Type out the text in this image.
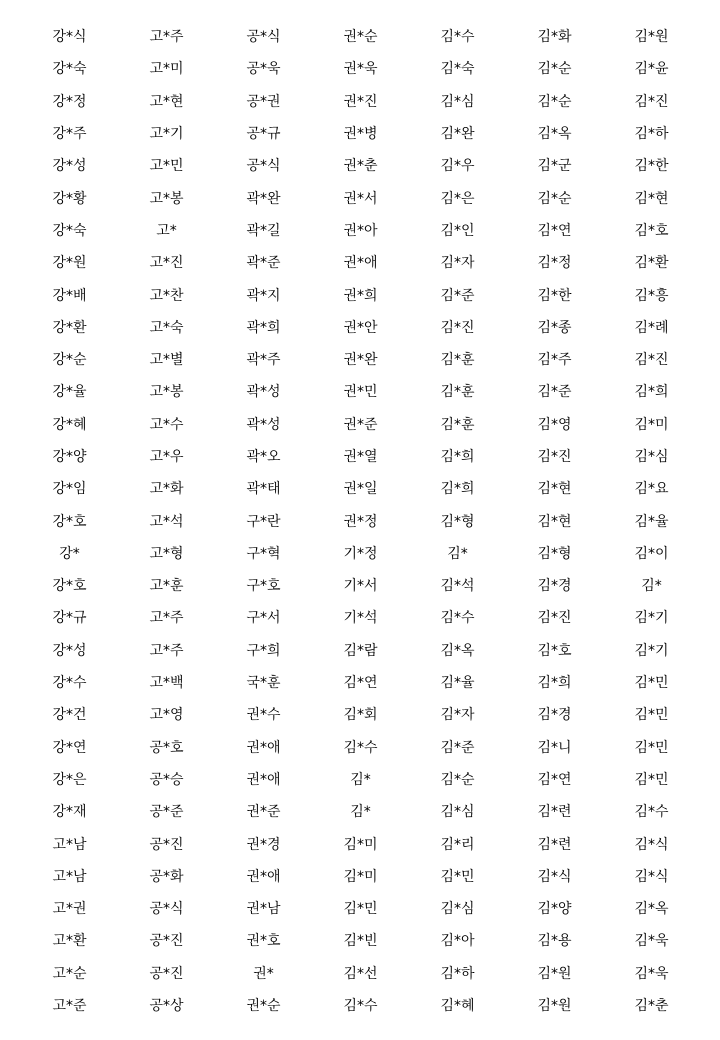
강*식	고*주	공*식	권*순	김*수	김*화	김*원
강*숙	고*미	공*욱	권*욱	김*숙	김*순	김*윤
강*정	고*현	공*권	권*진	김*심	김*순	김*진
강*주	고*기	공*규	권*병	김*완	김*옥	김*하
강*성	고*민	공*식	권*춘	김*우	김*군	김*한
강*황	고*봉	곽*완	권*서	김*은	김*순	김*현
강*숙	고*	곽*길	권*아	김*인	김*연	김*호
강*원	고*진	곽*준	권*애	김*자	김*정	김*환
강*배	고*찬	곽*지	권*희	김*준	김*한	김*흥
강*환	고*숙	곽*희	권*안	김*진	김*종	김*례
강*순	고*별	곽*주	권*완	김*훈	김*주	김*진
강*율	고*봉	곽*성	권*민	김*훈	김*준	김*희
강*혜	고*수	곽*성	권*준	김*훈	김*영	김*미
강*양	고*우	곽*오	권*열	김*희	김*진	김*심
강*임	고*화	곽*태	권*일	김*희	김*현	김*요
강*호	고*석	구*란	권*정	김*형	김*현	김*율
강*	고*형	구*혁	기*정	김*	김*형	김*이
강*호	고*훈	구*호	기*서	김*석	김*경	김*
강*규	고*주	구*서	기*석	김*수	김*진	김*기
강*성	고*주	구*희	김*람	김*옥	김*호	김*기
강*수	고*백	국*훈	김*연	김*율	김*희	김*민
강*건	고*영	권*수	김*회	김*자	김*경	김*민
강*연	공*호	권*애	김*수	김*준	김*니	김*민
강*은	공*승	권*애	김*	김*순	김*연	김*민
강*재	공*준	권*준	김*	김*심	김*련	김*수
고*남	공*진	권*경	김*미	김*리	김*련	김*식
고*남	공*화	권*애	김*미	김*민	김*식	김*식
고*권	공*식	권*남	김*민	김*심	김*양	김*옥
고*환	공*진	권*호	김*빈	김*아	김*용	김*욱
고*순	공*진	권*	김*선	김*하	김*원	김*욱
고*준	공*상	권*순	김*수	김*혜	김*원	김*춘
